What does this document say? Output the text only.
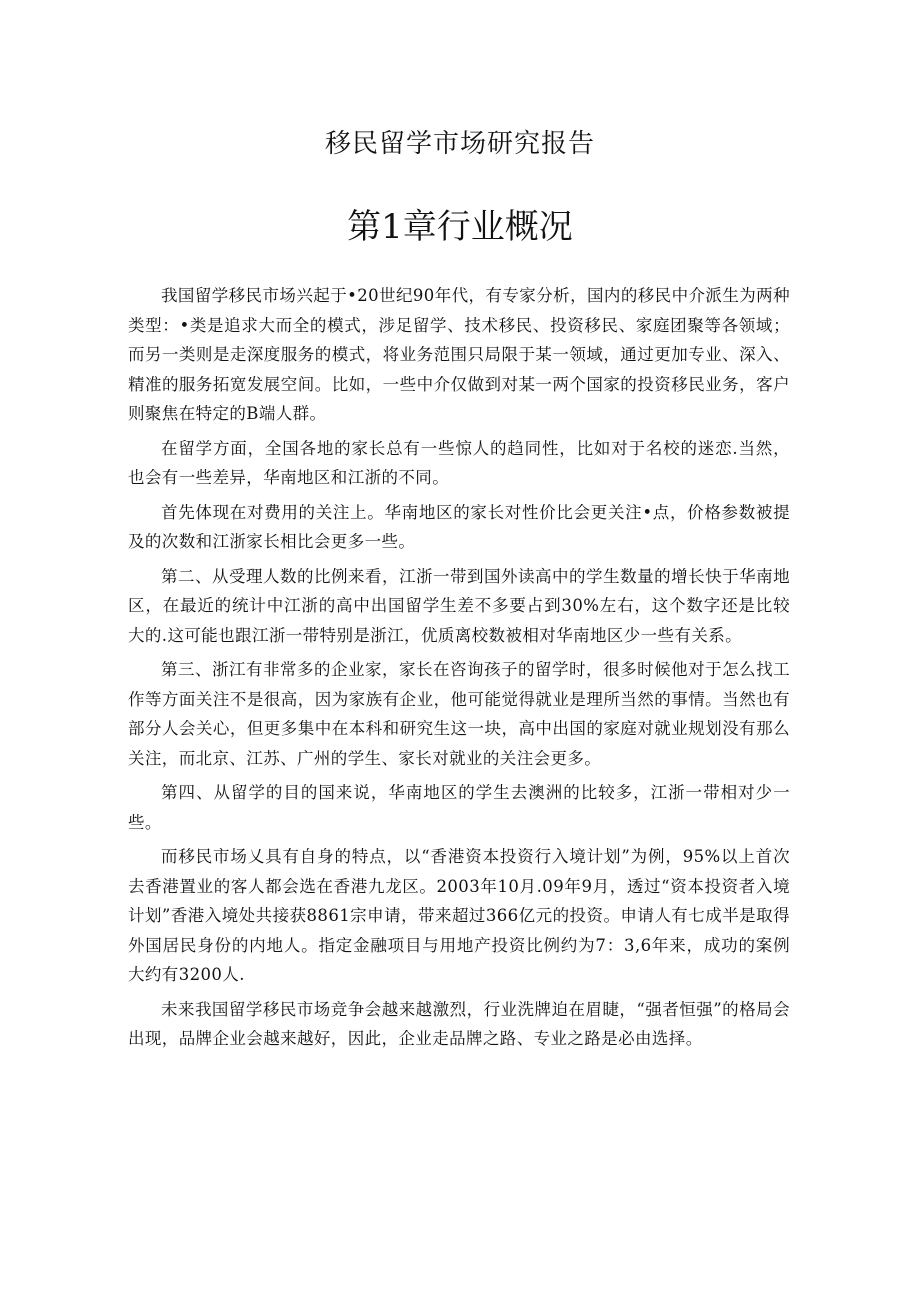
移民留学市场研究报告
第1章行业概况

我国留学移民市场兴起于•20世纪90年代，有专家分析，国内的移民中介派生为两种类型：•类是追求大而全的模式，涉足留学、技术移民、投资移民、家庭团聚等各领域；而另一类则是走深度服务的模式，将业务范围只局限于某一领域，通过更加专业、深入、精准的服务拓宽发展空间。比如，一些中介仅做到对某一两个国家的投资移民业务，客户则聚焦在特定的B端人群。

在留学方面，全国各地的家长总有一些惊人的趋同性，比如对于名校的迷恋.当然，也会有一些差异，华南地区和江浙的不同。

首先体现在对费用的关注上。华南地区的家长对性价比会更关注•点，价格参数被提及的次数和江浙家长相比会更多一些。

第二、从受理人数的比例来看，江浙一带到国外读高中的学生数量的增长快于华南地区，在最近的统计中江浙的高中出国留学生差不多要占到30%左右，这个数字还是比较大的.这可能也跟江浙一带特别是浙江，优质离校数被相对华南地区少一些有关系。

第三、浙江有非常多的企业家，家长在咨询孩子的留学时，很多时候他对于怎么找工作等方面关注不是很高，因为家族有企业，他可能觉得就业是理所当然的事情。当然也有部分人会关心，但更多集中在本科和研究生这一块，高中出国的家庭对就业规划没有那么关注，而北京、江苏、广州的学生、家长对就业的关注会更多。

第四、从留学的目的国来说，华南地区的学生去澳洲的比较多，江浙一带相对少一些。

而移民市场乂具有自身的特点，以“香港资本投资行入境计划”为例，95%以上首次去香港置业的客人都会选在香港九龙区。2003年10月.09年9月，透过“资本投资者入境计划”香港入境处共接获8861宗申请，带来超过366亿元的投资。申请人有七成半是取得外国居民身份的内地人。指定金融项目与用地产投资比例约为7：3,6年来，成功的案例大约有3200人.

未来我国留学移民市场竞争会越来越激烈，行业洗牌迫在眉睫，“强者恒强”的格局会出现，品牌企业会越来越好，因此，企业走品牌之路、专业之路是必由选择。
